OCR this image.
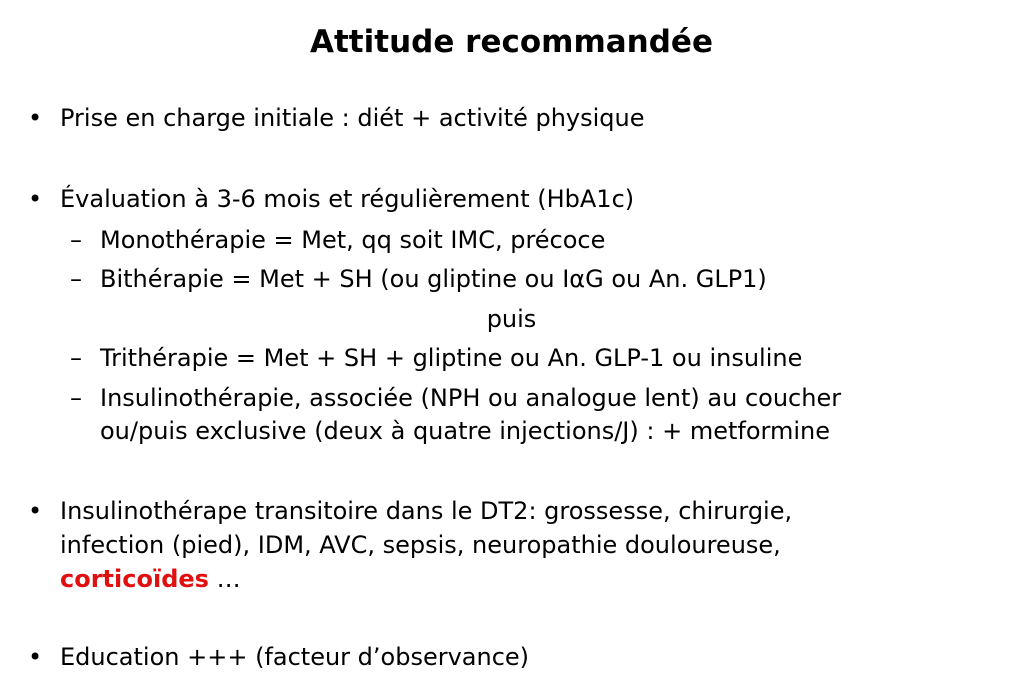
Attitude recommandée
• Prise en charge initiale : diét + activité physique
• Évaluation à 3-6 mois et régulièrement (HbA1c)
– Monothérapie = Met, qq soit IMC, précoce
– Bithérapie = Met + SH (ou gliptine ou IαG ou An. GLP1)
puis
– Trithérapie = Met + SH + gliptine ou An. GLP-1 ou insuline
– Insulinothérapie, associée (NPH ou analogue lent) au coucher
ou/puis exclusive (deux à quatre injections/J) : + metformine
• Insulinothérape transitoire dans le DT2: grossesse, chirurgie,
infection (pied), IDM, AVC, sepsis, neuropathie douloureuse,
corticoïdes …
• Education +++ (facteur d’observance)
